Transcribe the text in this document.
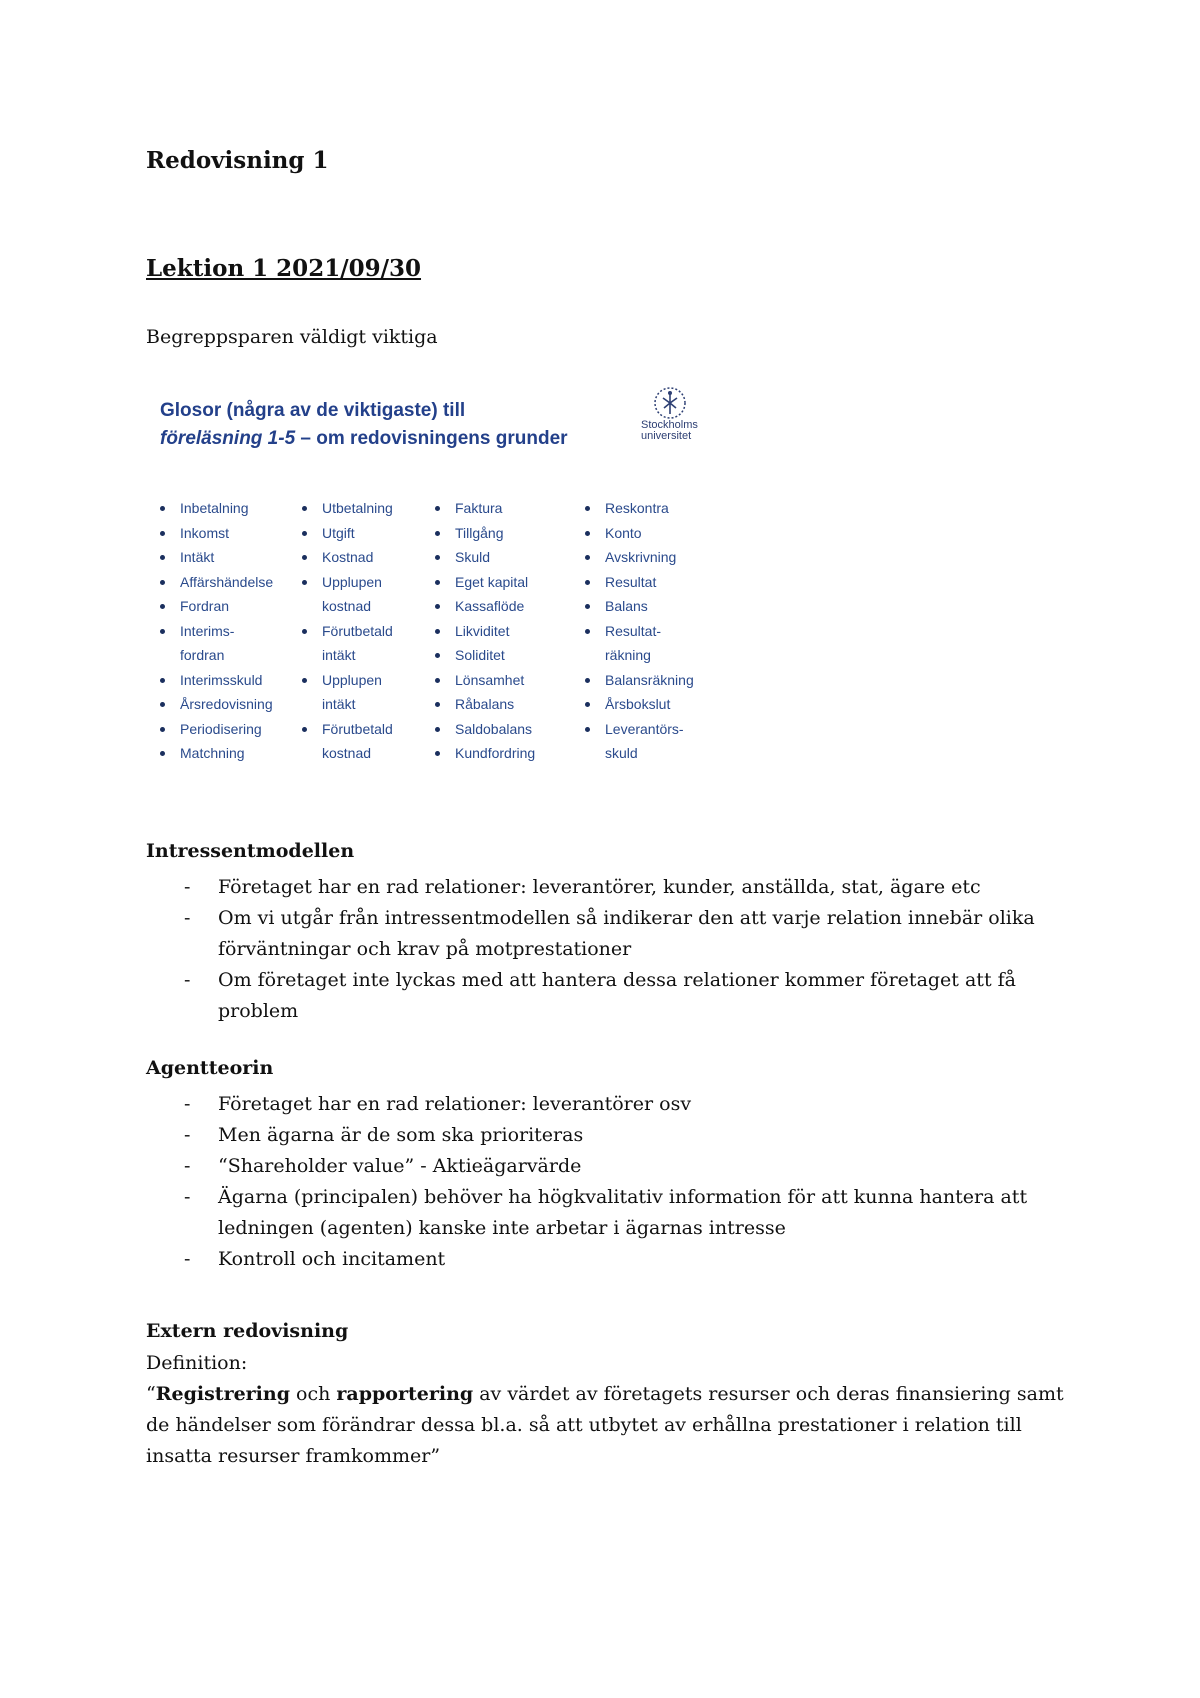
Redovisning 1
Lektion 1 2021/09/30
Begreppsparen väldigt viktiga
Glosor (några av de viktigaste) till
föreläsning 1-5 – om redovisningens grunder
Stockholms
universitet
Inbetalning
Inkomst
Intäkt
Affärshändelse
Fordran
Interims-
fordran
Interimsskuld
Årsredovisning
Periodisering
Matchning
Utbetalning
Utgift
Kostnad
Upplupen
kostnad
Förutbetald
intäkt
Upplupen
intäkt
Förutbetald
kostnad
Faktura
Tillgång
Skuld
Eget kapital
Kassaflöde
Likviditet
Soliditet
Lönsamhet
Råbalans
Saldobalans
Kundfordring
Reskontra
Konto
Avskrivning
Resultat
Balans
Resultat-
räkning
Balansräkning
Årsbokslut
Leverantörs-
skuld
Intressentmodellen
- Företaget har en rad relationer: leverantörer, kunder, anställda, stat, ägare etc
- Om vi utgår från intressentmodellen så indikerar den att varje relation innebär olika förväntningar och krav på motprestationer
- Om företaget inte lyckas med att hantera dessa relationer kommer företaget att få problem
Agentteorin
- Företaget har en rad relationer: leverantörer osv
- Men ägarna är de som ska prioriteras
- “Shareholder value” - Aktieägarvärde
- Ägarna (principalen) behöver ha högkvalitativ information för att kunna hantera att ledningen (agenten) kanske inte arbetar i ägarnas intresse
- Kontroll och incitament
Extern redovisning
Definition:

“Registrering och rapportering av värdet av företagets resurser och deras finansiering samt de händelser som förändrar dessa bl.a. så att utbytet av erhållna prestationer i relation till insatta resurser framkommer”
